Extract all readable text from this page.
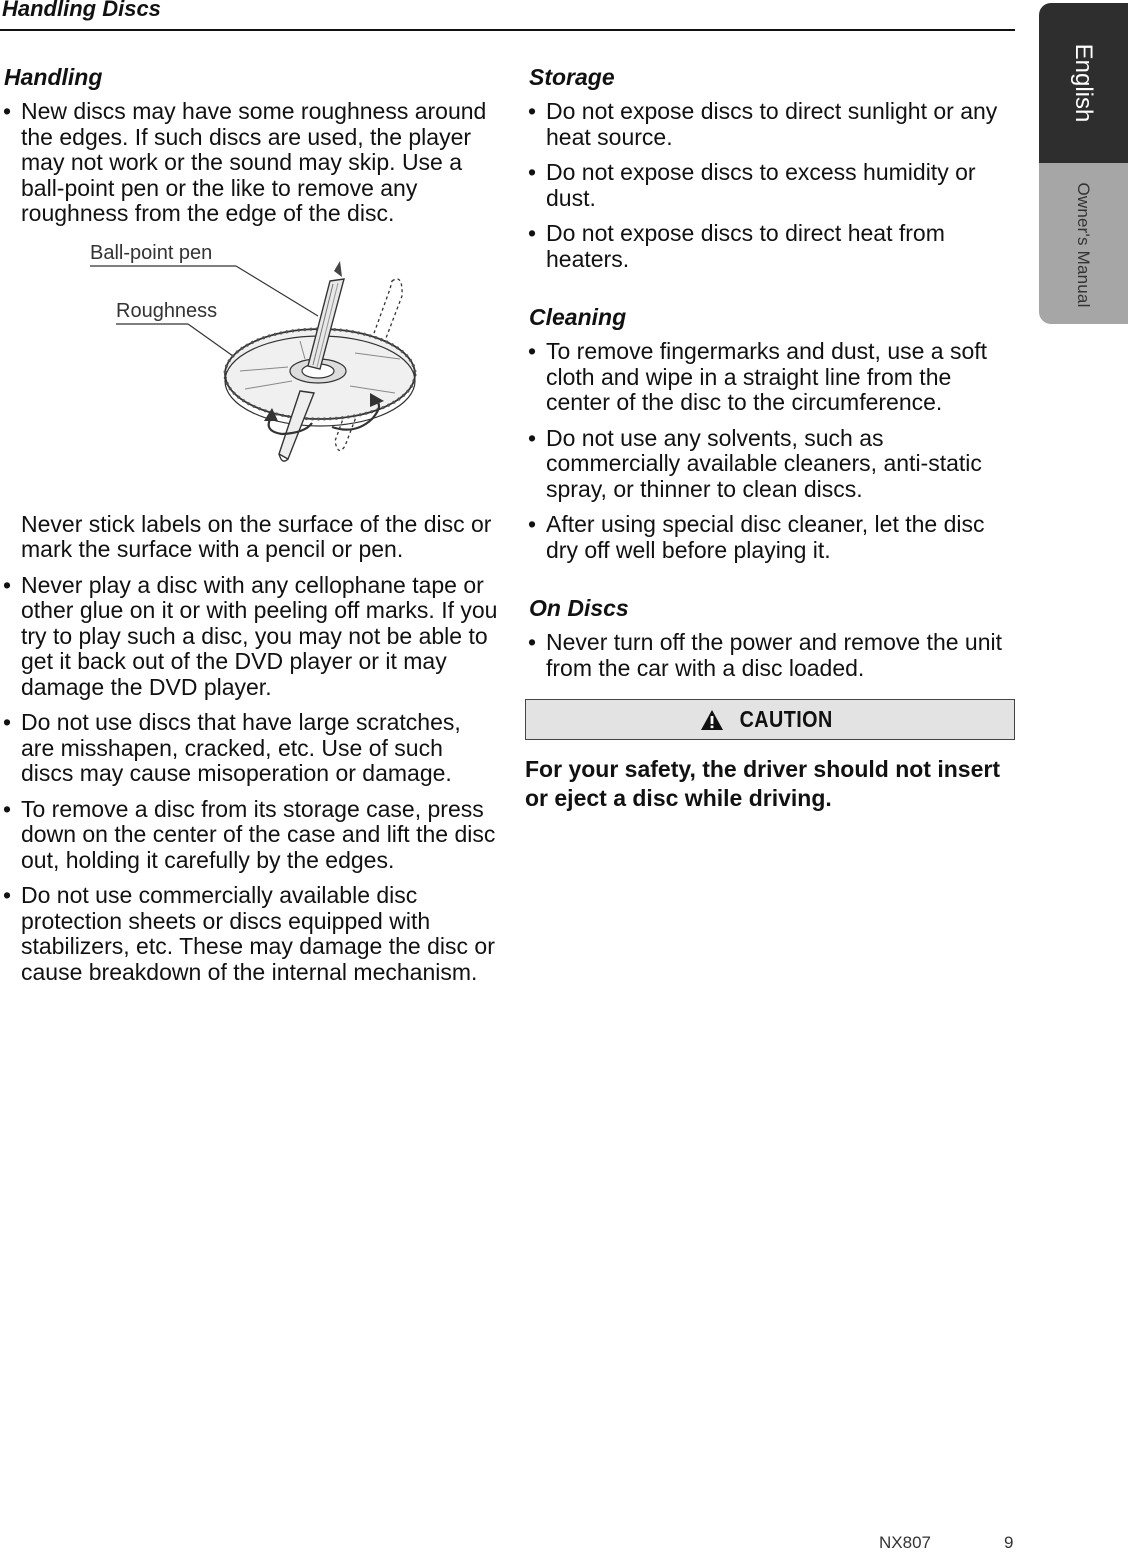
Handling Discs
English
Owner's Manual
Handling
• New discs may have some roughness around the edges. If such discs are used, the player may not work or the sound may skip. Use a ball-point pen or the like to remove any roughness from the edge of the disc.
Ball-point pen
Roughness
Never stick labels on the surface of the disc or mark the surface with a pencil or pen.
• Never play a disc with any cellophane tape or other glue on it or with peeling off marks. If you try to play such a disc, you may not be able to get it back out of the DVD player or it may damage the DVD player.
• Do not use discs that have large scratches, are misshapen, cracked, etc. Use of such discs may cause misoperation or damage.
• To remove a disc from its storage case, press down on the center of the case and lift the disc out, holding it carefully by the edges.
• Do not use commercially available disc protection sheets or discs equipped with stabilizers, etc. These may damage the disc or cause breakdown of the internal mechanism.
Storage
• Do not expose discs to direct sunlight or any heat source.
• Do not expose discs to excess humidity or dust.
• Do not expose discs to direct heat from heaters.
Cleaning
• To remove fingermarks and dust, use a soft cloth and wipe in a straight line from the center of the disc to the circumference.
• Do not use any solvents, such as commercially available cleaners, anti-static spray, or thinner to clean discs.
• After using special disc cleaner, let the disc dry off well before playing it.
On Discs
• Never turn off the power and remove the unit from the car with a disc loaded.
CAUTION
For your safety, the driver should not insert or eject a disc while driving.
NX807	9
